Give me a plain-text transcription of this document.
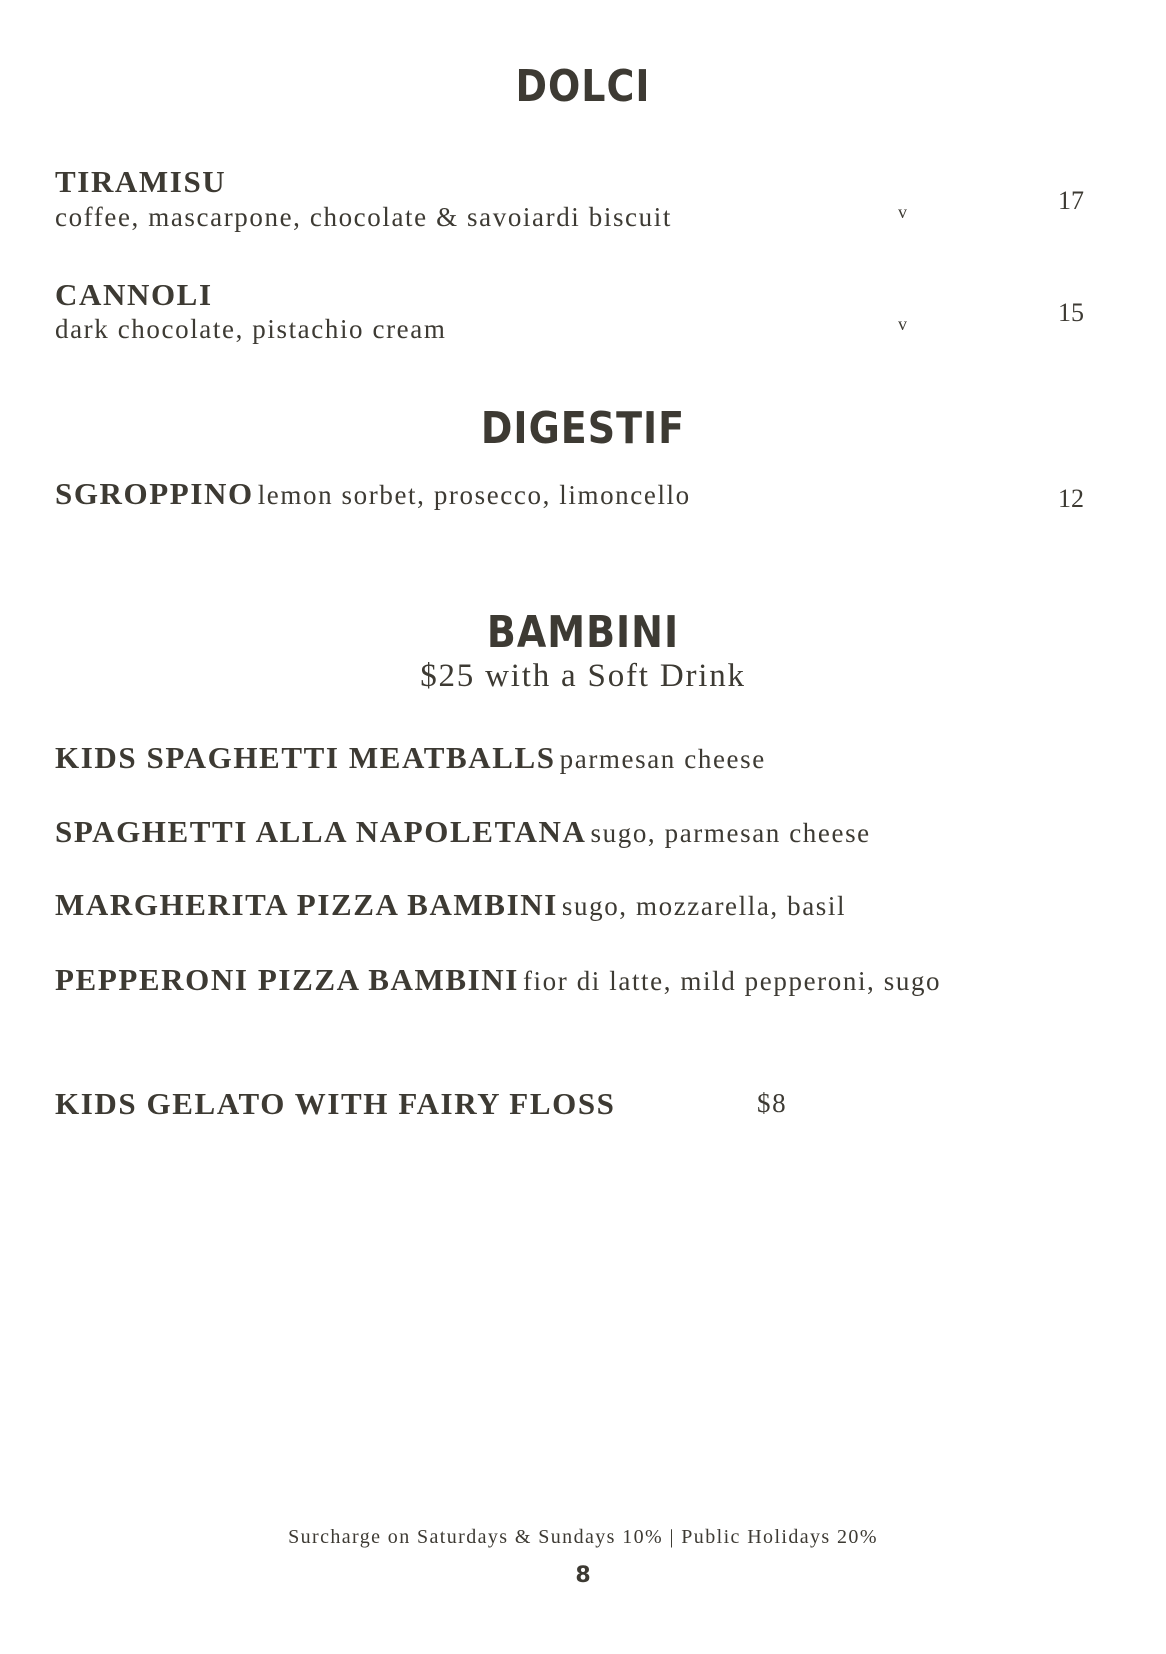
DOLCI
TIRAMISU
coffee, mascarpone, chocolate & savoiardi biscuit	v	17
CANNOLI
dark chocolate, pistachio cream	v	15
DIGESTIF
SGROPPINO lemon sorbet, prosecco, limoncello	12
BAMBINI
$25 with a Soft Drink
KIDS SPAGHETTI MEATBALLS parmesan cheese
SPAGHETTI ALLA NAPOLETANA sugo, parmesan cheese
MARGHERITA PIZZA BAMBINI sugo, mozzarella, basil
PEPPERONI PIZZA BAMBINI fior di latte, mild pepperoni, sugo
KIDS GELATO WITH FAIRY FLOSS	$8
Surcharge on Saturdays & Sundays 10% | Public Holidays 20%
8
